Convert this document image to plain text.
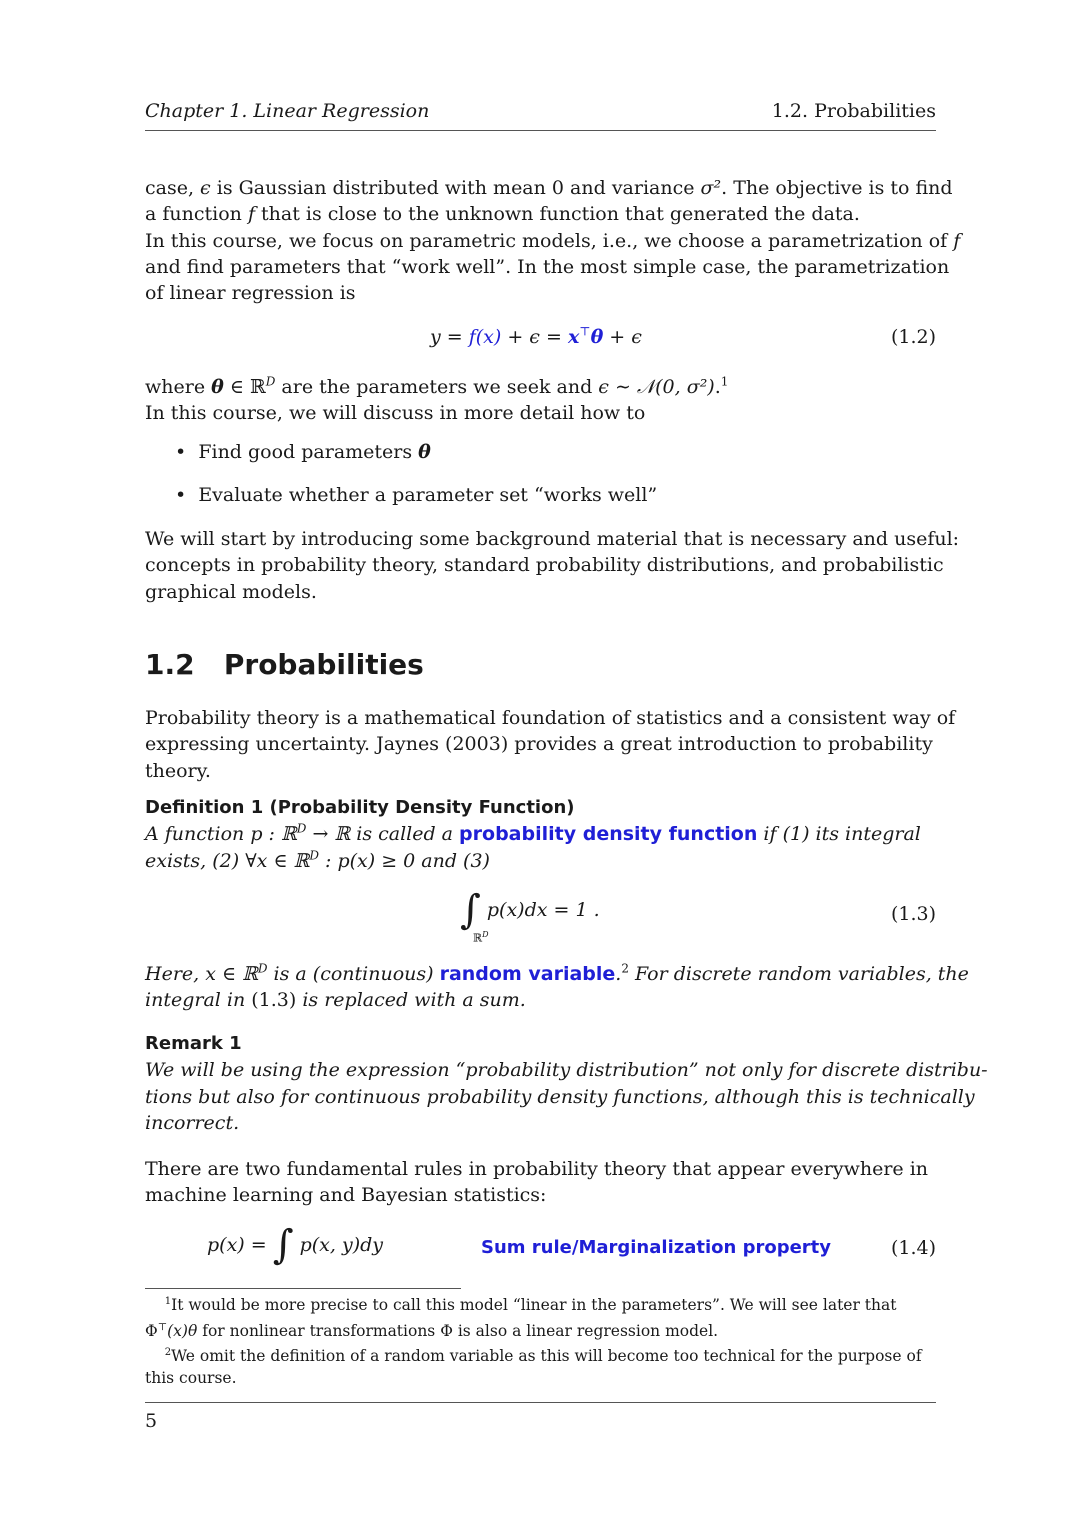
Chapter 1. Linear Regression	1.2. Probabilities
case, ϵ is Gaussian distributed with mean 0 and variance σ². The objective is to find
a function f that is close to the unknown function that generated the data.
In this course, we focus on parametric models, i.e., we choose a parametrization of f
and find parameters that “work well”. In the most simple case, the parametrization
of linear regression is
y = f(x) + ϵ = x⊤θ + ϵ	(1.2)
where θ ∈ ℝ$^D$ are the parameters we seek and ϵ ∼ 𝒩(0, σ²).$^1$
In this course, we will discuss in more detail how to
• Find good parameters θ
• Evaluate whether a parameter set “works well”
We will start by introducing some background material that is necessary and useful:
concepts in probability theory, standard probability distributions, and probabilistic
graphical models.
1.2 Probabilities
Probability theory is a mathematical foundation of statistics and a consistent way of
expressing uncertainty. Jaynes (2003) provides a great introduction to probability
theory.
Definition 1 (Probability Density Function)
A function p : ℝ$^D$ → ℝ is called a probability density function if (1) its integral
exists, (2) ∀x ∈ ℝ$^D$ : p(x) ≥ 0 and (3)
∫ p(x)dx = 1 .
ℝ$^D$
(1.3)
Here, x ∈ ℝ$^D$ is a (continuous) random variable.$^2$ For discrete random variables, the
integral in (1.3) is replaced with a sum.
Remark 1
We will be using the expression “probability distribution” not only for discrete distribu-
tions but also for continuous probability density functions, although this is technically
incorrect.
There are two fundamental rules in probability theory that appear everywhere in
machine learning and Bayesian statistics:
p(x) = ∫ p(x, y)dy	Sum rule/Marginalization property	(1.4)
$^1$It would be more precise to call this model “linear in the parameters”. We will see later that
Φ⊤(x)θ for nonlinear transformations Φ is also a linear regression model.
$^2$We omit the definition of a random variable as this will become too technical for the purpose of
this course.
5
